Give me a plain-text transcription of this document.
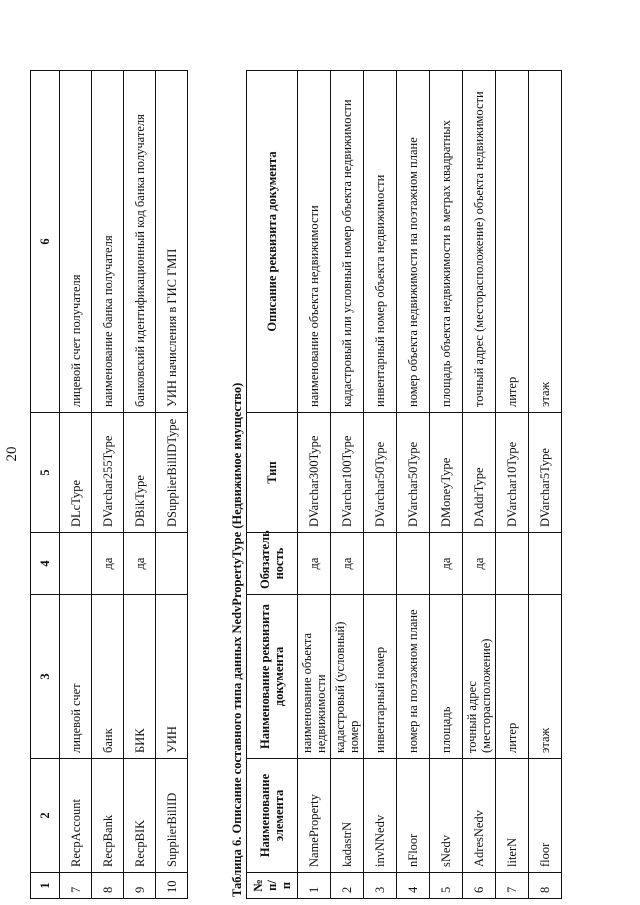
20
1	2	3	4	5	6
7	RecpAccount	лицевой счет		DLcType	лицевой счет получателя
8	RecpBank	банк	да	DVarchar255Type	наименование банка получателя
9	RecpBIK	БИК	да	DBikType	банковский идентификационный код банка получателя
10	SupplierBillID	УИН		DSupplierBillIDType	УИН начисления в ГИС ГМП
Таблица 6. Описание составного типа данных NedvPropertyType (Недвижимое имущество) № п/п	Наименование элемента	Наименование реквизита документа	Обязатель ность	Тип	Описание реквизита документа
1	NameProperty	наименование объекта недвижимости	да	DVarchar300Type	наименование объекта недвижимости
2	kadastrN	кадастровый (условный) номер	да	DVarchar100Type	кадастровый или условный номер объекта недвижимости
3	invNNedv	инвентарный номер		DVarchar50Type	инвентарный номер объекта недвижимости
4	nFloor	номер на поэтажном плане		DVarchar50Type	номер объекта недвижимости на поэтажном плане
5	sNedv	площадь	да	DMoneyType	площадь объекта недвижимости в метрах квадратных
6	AdresNedv	точный адрес (месторасположение)	да	DAddrType	точный адрес (месторасположение) объекта недвижимости
7	literN	литер		DVarchar10Type	литер
8	floor	этаж		DVarchar5Type	этаж
